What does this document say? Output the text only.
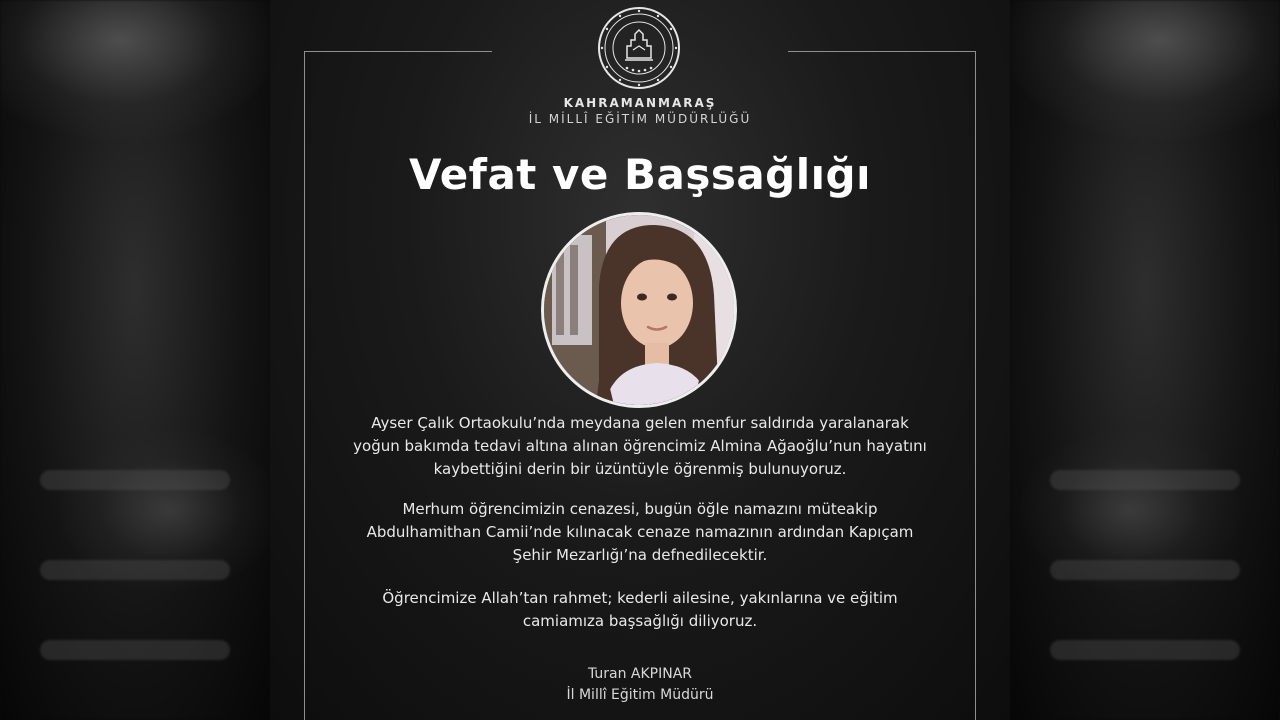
KAHRAMANMARAŞ
İL MİLLÎ EĞİTİM MÜDÜRLÜĞÜ
Vefat ve Başsağlığı
Ayser Çalık Ortaokulu’nda meydana gelen menfur saldırıda yaralanarak
yoğun bakımda tedavi altına alınan öğrencimiz Almina Ağaoğlu’nun hayatını
kaybettiğini derin bir üzüntüyle öğrenmiş bulunuyoruz.
Merhum öğrencimizin cenazesi, bugün öğle namazını müteakip
Abdulhamithan Camii’nde kılınacak cenaze namazının ardından Kapıçam
Şehir Mezarlığı’na defnedilecektir.
Öğrencimize Allah’tan rahmet; kederli ailesine, yakınlarına ve eğitim
camiamıza başsağlığı diliyoruz.
Turan AKPINAR
İl Millî Eğitim Müdürü
